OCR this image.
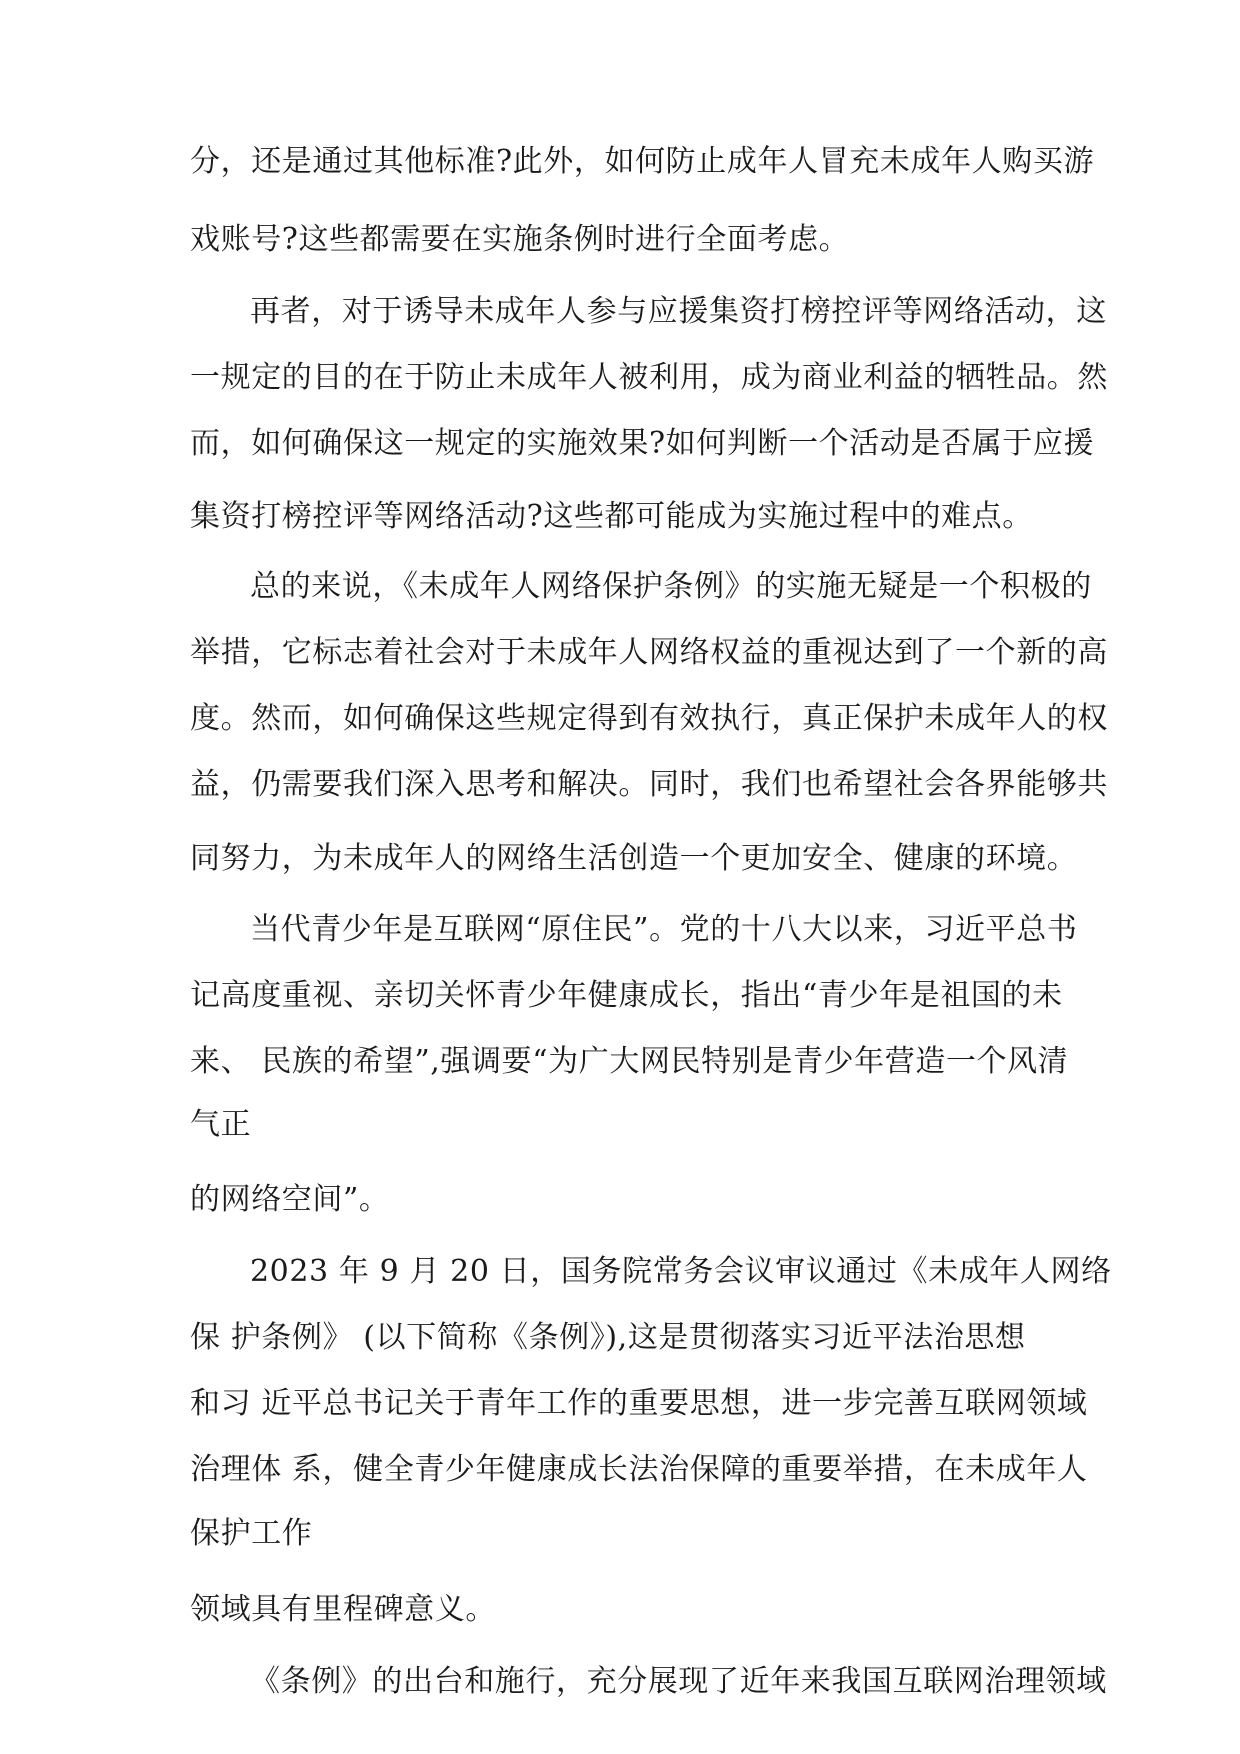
分，还是通过其他标准?此外，如何防止成年人冒充未成年人购买游
戏账号?这些都需要在实施条例时进行全面考虑。
再者，对于诱导未成年人参与应援集资打榜控评等网络活动，这
一规定的目的在于防止未成年人被利用，成为商业利益的牺牲品。然
而，如何确保这一规定的实施效果?如何判断一个活动是否属于应援
集资打榜控评等网络活动?这些都可能成为实施过程中的难点。
总的来说，《未成年人网络保护条例》的实施无疑是一个积极的
举措，它标志着社会对于未成年人网络权益的重视达到了一个新的高
度。然而，如何确保这些规定得到有效执行，真正保护未成年人的权
益，仍需要我们深入思考和解决。同时，我们也希望社会各界能够共
同努力，为未成年人的网络生活创造一个更加安全、健康的环境。
当代青少年是互联网“原住民”。党的十八大以来，习近平总书
记高度重视、亲切关怀青少年健康成长，指出“青少年是祖国的未
来、 民族的希望”,强调要“为广大网民特别是青少年营造一个风清
气正
的网络空间”。
2023 年 9 月 20 日，国务院常务会议审议通过《未成年人网络
保 护条例》 (以下简称《条例》),这是贯彻落实习近平法治思想
和习 近平总书记关于青年工作的重要思想，进一步完善互联网领域
治理体 系，健全青少年健康成长法治保障的重要举措，在未成年人
保护工作
领域具有里程碑意义。
《条例》的出台和施行，充分展现了近年来我国互联网治理领域
